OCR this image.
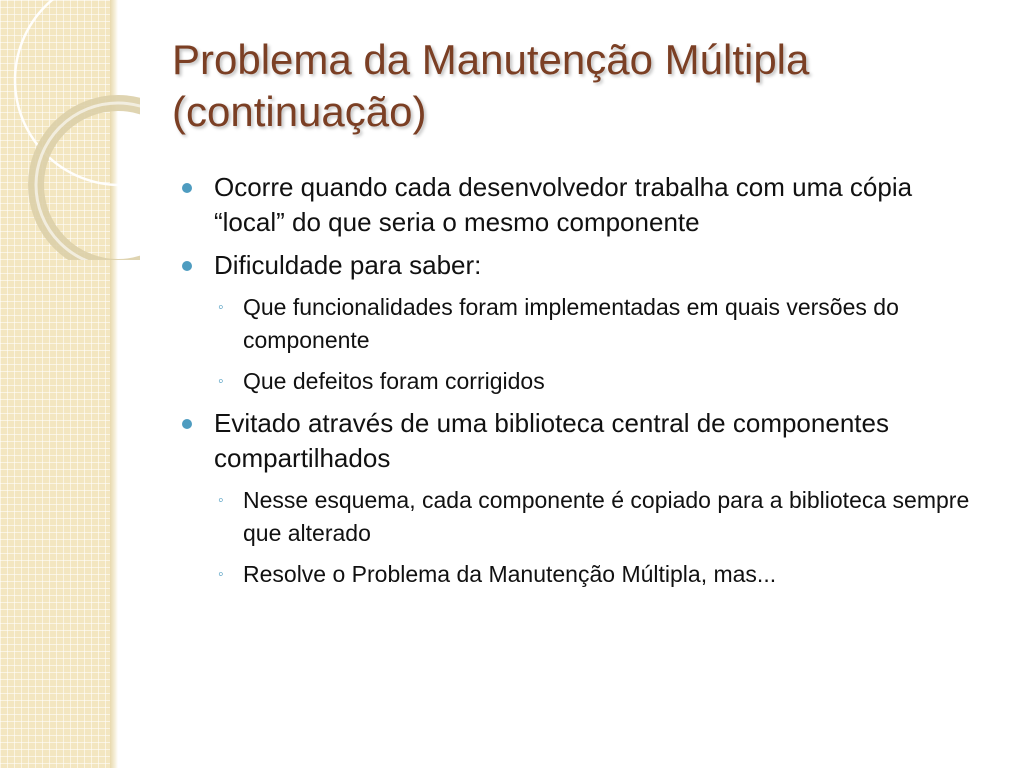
Problema da Manutenção Múltipla
(continuação)
Ocorre quando cada desenvolvedor trabalha com uma cópia “local” do que seria o mesmo componente
Dificuldade para saber:
◦ Que funcionalidades foram implementadas em quais versões do componente
◦ Que defeitos foram corrigidos
Evitado através de uma biblioteca central de componentes compartilhados
◦ Nesse esquema, cada componente é copiado para a biblioteca sempre que alterado
◦ Resolve o Problema da Manutenção Múltipla, mas...
